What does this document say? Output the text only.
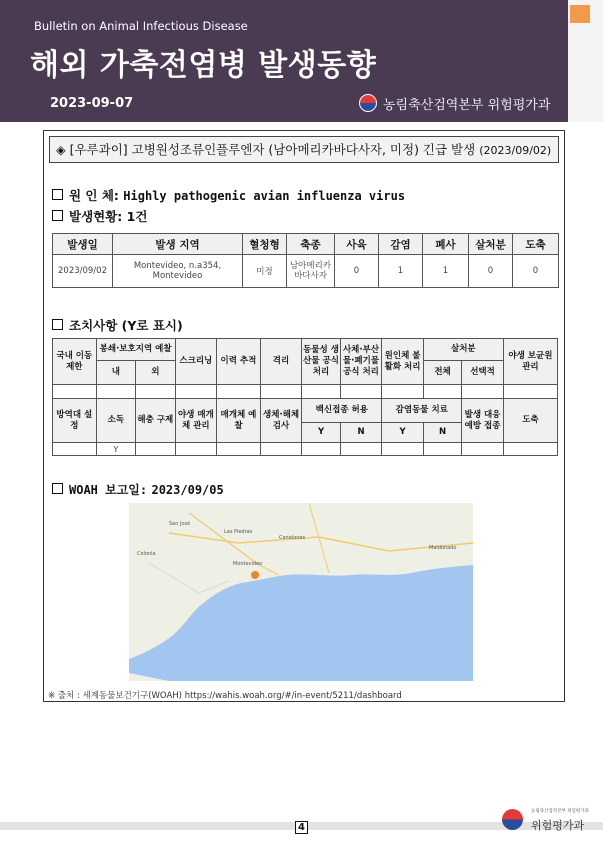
Bulletin on Animal Infectious Disease
해외 가축전염병 발생동향
2023-09-07	농림축산검역본부 위험평가과
◈ [우루과이] 고병원성조류인플루엔자 (남아메리카바다사자, 미정) 긴급 발생 (2023/09/02)
원 인 체: Highly pathogenic avian influenza virus
발생현황: 1건
발생일	발생 지역	혈청형	축종	사육	감염	폐사	살처분	도축
2023/09/02	Montevideo, n.a354, Montevideo	미정	남아메리카바다사자	0	1	1	0	0
조치사항 (Y로 표시)
국내 이동 제한	봉쇄·보호지역 예찰		스크리닝	이력 추적	격리	동물성 생산물 공식 처리	사체·부산물·폐기물 공식 처리	원인체 불활화 처리	살처분		야생 보균원 관리
	내	외							전체	선택적	

방역대 설정	소독	해충 구제	야생 매개체 관리	매개체 예찰	생체·해체 검사	백신접종 허용		감염동물 치료		발생 대응 예방 접종	도축
						Y	N	Y	N		
	Y										
WOAH 보고일: 2023/09/05
Montevideo
Canelones
Las Piedras
Maldonado
Colonia
San José
※ 출처 : 세계동물보건기구(WOAH) https://wahis.woah.org/#/in-event/5211/dashboard
4
농림축산검역본부 위험평가과
위험평가과
